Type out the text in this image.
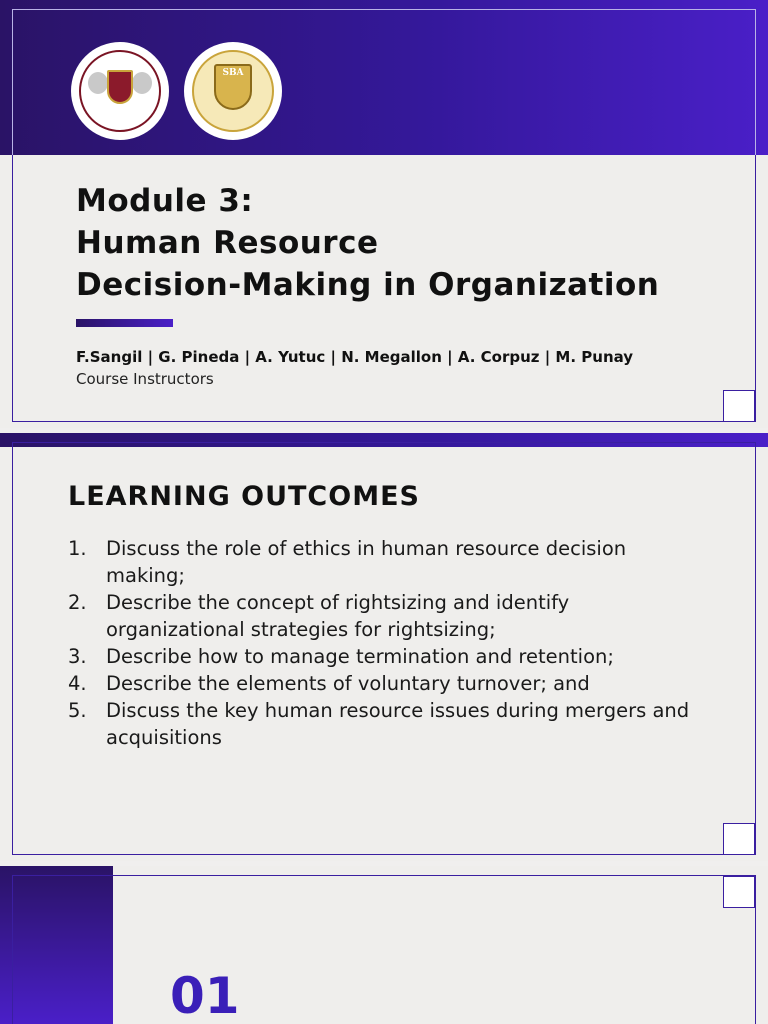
SBA
Module 3:
Human Resource
Decision-Making in Organization
F.Sangil | G. Pineda | A. Yutuc | N. Megallon | A. Corpuz | M. Punay
Course Instructors
LEARNING OUTCOMES
1. Discuss the role of ethics in human resource decision making;
2. Describe the concept of rightsizing and identify organizational strategies for rightsizing;
3. Describe how to manage termination and retention;
4. Describe the elements of voluntary turnover; and
5. Discuss the key human resource issues during mergers and acquisitions
01
